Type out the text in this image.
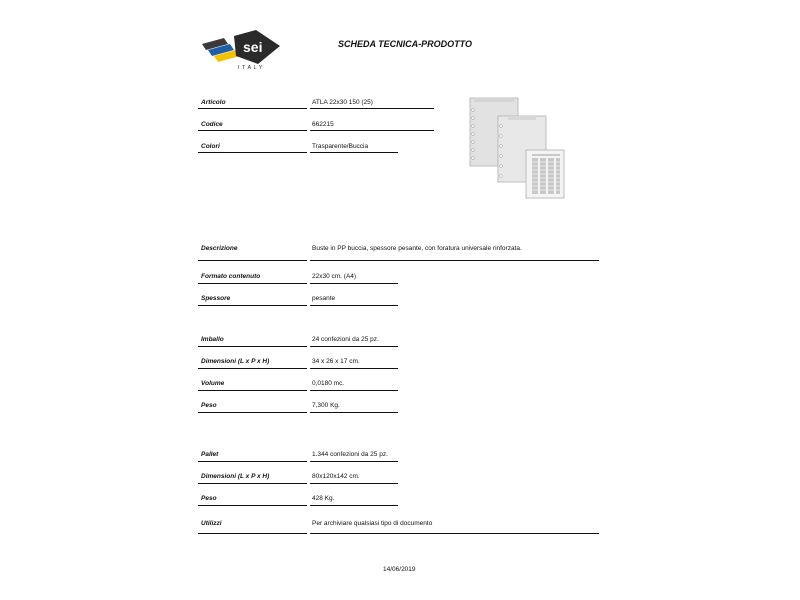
sei
ITALY
SCHEDA TECNICA-PRODOTTO
Articolo	ATLA 22x30 150 (25)
Codice	662215
Colori	Trasparente/Buccia
Descrizione	Buste in PP buccia, spessore pesante, con foratura universale rinforzata.
Formato contenuto	22x30 cm. (A4)
Spessore	pesante
Imballo	24 confezioni da 25 pz.
Dimensioni (L x P x H)	34 x 26 x 17 cm.
Volume	0,0180 mc.
Peso	7,300 Kg.
Pallet	1.344 confezioni da 25 pz.
Dimensioni (L x P x H)	80x120x142 cm.
Peso	428 Kg.
Utilizzi	Per archiviare qualsiasi tipo di documento
14/06/2019
